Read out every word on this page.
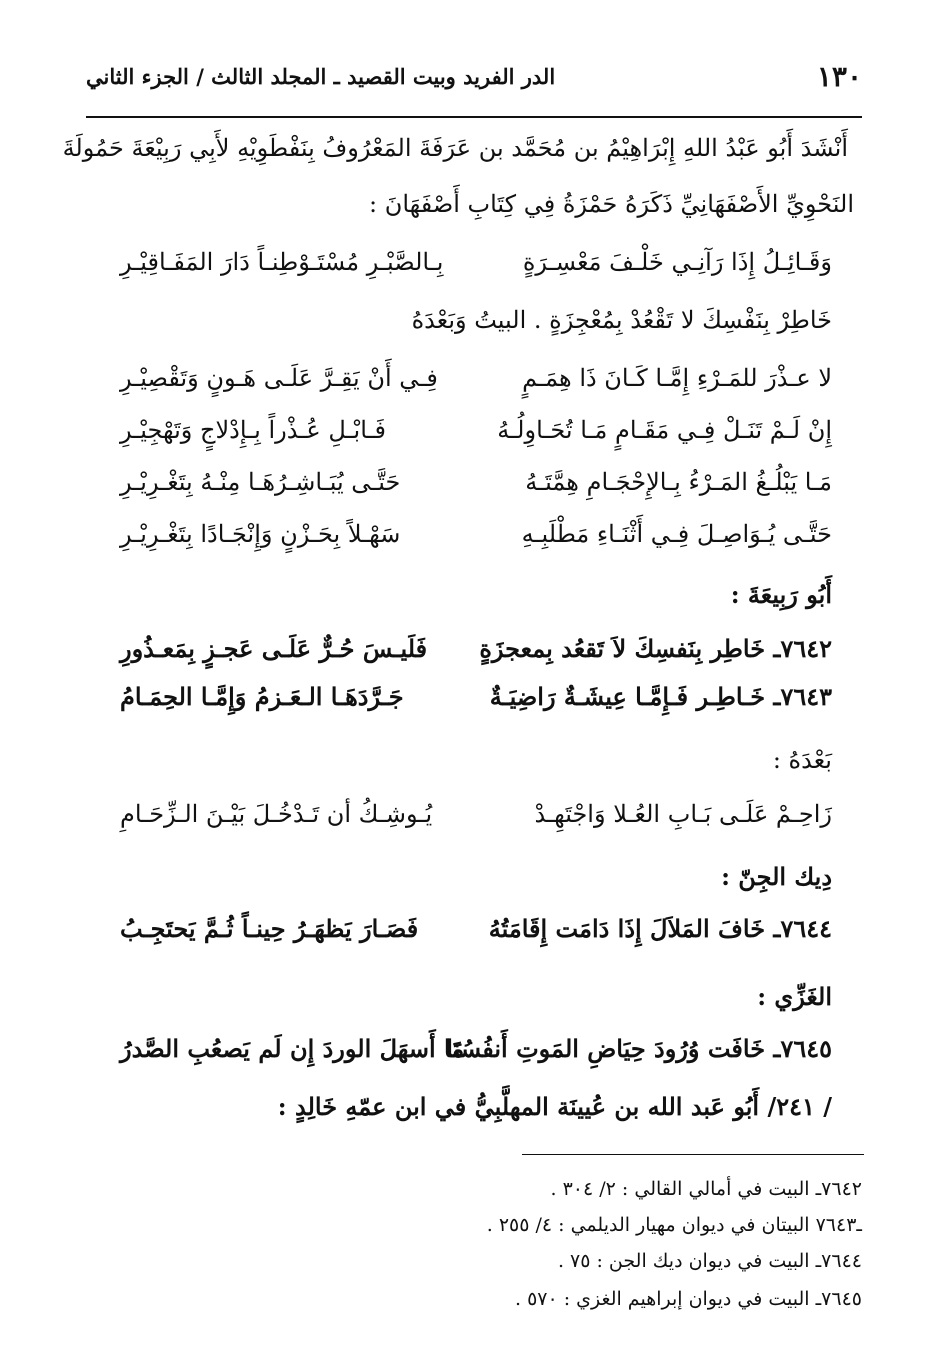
١٣٠
الدر الفريد وبيت القصيد ـ المجلد الثالث / الجزء الثاني
أَنْشَدَ أَبُو عَبْدُ اللهِ إِبْرَاهِيْمُ بن مُحَمَّد بن عَرَفَةَ المَعْرُوفُ بِنَفْطَوِيْهِ لأَبِي رَبِيْعَةَ حَمُولَةَ
النَحْوِيِّ الأَصْفَهَانِيِّ ذَكَرَهُ حَمْزَةُ فِي كِتَابِ أَصْفَهَانَ :
وَقَـائِـلُ إِذَا رَآنِـي خَلْـفَ مَعْسِـرَةٍ
بِـالصَّبْـرِ مُسْتَـوْطِنـاً دَارَ المَفَـاقِيْـرِ
خَاطِرْ بِنَفْسِكَ لا تَقْعُدْ بِمُعْجِزَةٍ . البيتُ وَبَعْدَهُ
لا عـذْرَ للمَـرْءِ إِمَّـا كَـانَ ذَا هِمَـمٍ
فِـي أَنْ يَقِـرَّ عَلَـى هَـونٍ وَتَقْصِيْـرِ
إِنْ لَـمْ تَنَـلْ فِـي مَقَـامٍ مَـا تُحَـاوِلُـهُ
فَـابْـلِ عُـذْراً بِـإِدْلاجٍ وَتَهْجِيْـرِ
مَـا يَبْلُـغُ المَـرْءُ بِـالإِحْجَـامِ هِمَّتَـهُ
حَتَّـى يُبَـاشِـرُهَـا مِنْـهُ بِتَغْـرِيْـرِ
حَتَّـى يُـوَاصِـلَ فِـي أَثْنَـاءِ مَطْلَبِـهِ
سَهْـلاً بِحَـزْنٍ وَإِنْجَـادًا بِتَغْـرِيْـرِ
أَبُو رَبِيعَةَ :
٧٦٤٢ـ خَاطِر بِنَفسِكَ لاَ تَقعُد بِمعجزَةٍ
فَلَيـسَ حُـرٌّ عَلَـى عَجـزٍ بِمَعـذُورِ
٧٦٤٣ـ خَـاطِـر فَـإِمَّـا عِيشَـةٌ رَاضِيَـةٌ
جَـرَّدَهَـا الـعَـزمُ وَإِمَّـا الحِمَـامُ
بَعْدَهُ :
زَاحِـمْ عَلَـى بَـابِ العُـلا وَاجْتَهِـدْ
يُـوشِـكُ أن تَـدْخُـلَ بَيْـنَ الـزِّحَـامِ
دِيك الجِنّ :
٧٦٤٤ـ خَافَ المَلاَلَ إِذَا دَامَت إِقَامَتُهُ
فَصَـارَ يَظهَـرُ حِينـاً ثُـمَّ يَحتَجِـبُ
الغَزِّي :
٧٦٤٥ـ خَافَت وُرُودَ حِيَاضِ المَوتِ أَنفُسُنَا
مَا أَسهَلَ الوردَ إِن لَم يَصعُبِ الصَّدرُ
/ ٢٤١/ أَبُو عَبد الله بن عُيينَة المهلَّبِيُّ في ابن عمّهِ خَالِدٍ :
٧٦٤٢ـ البيت في أمالي القالي : ٢/ ٣٠٤ .
ـ٧٦٤٣ البيتان في ديوان مهيار الديلمي : ٤/ ٢٥٥ .
٧٦٤٤ـ البيت في ديوان ديك الجن : ٧٥ .
٧٦٤٥ـ البيت في ديوان إبراهيم الغزي : ٥٧٠ .
